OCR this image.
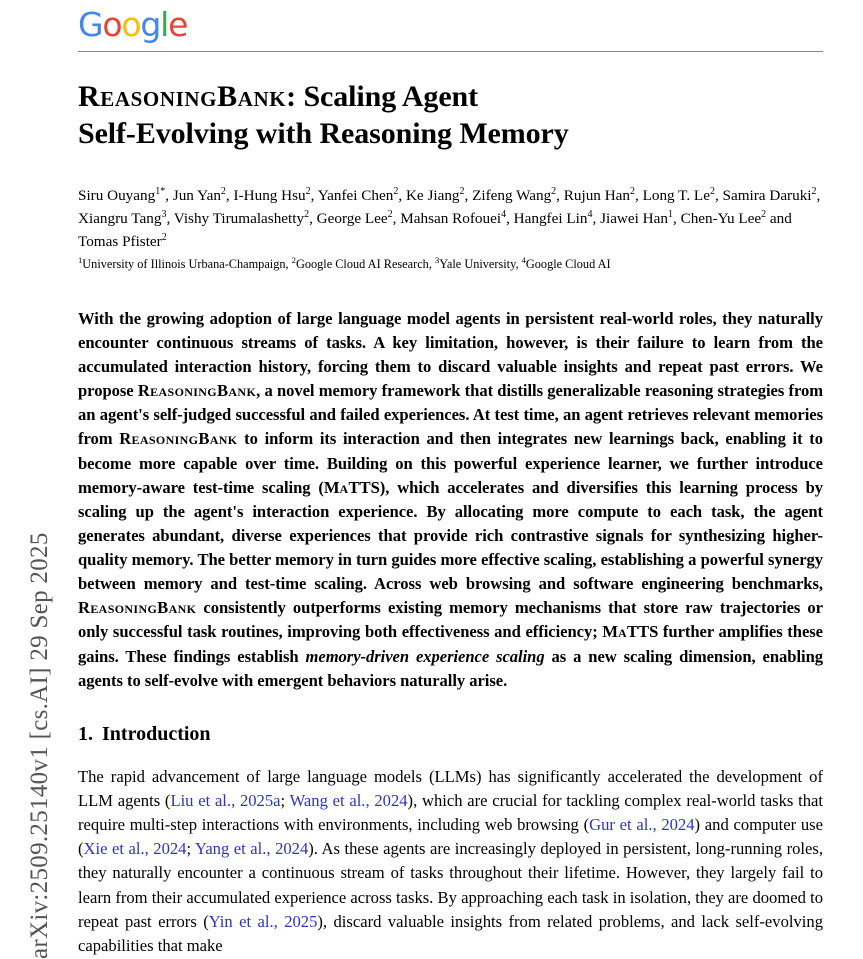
arXiv:2509.25140v1 [cs.AI] 29 Sep 2025
Google
ReasoningBank: Scaling Agent
Self-Evolving with Reasoning Memory
Siru Ouyang$^{1*}$, Jun Yan$^2$, I-Hung Hsu$^2$, Yanfei Chen$^2$, Ke Jiang$^2$, Zifeng Wang$^2$, Rujun Han$^2$, Long T. Le$^2$, Samira Daruki$^2$, Xiangru Tang$^3$, Vishy Tirumalashetty$^2$, George Lee$^2$, Mahsan Rofouei$^4$, Hangfei Lin$^4$, Jiawei Han$^1$, Chen-Yu Lee$^2$ and Tomas Pfister$^2$
$^1$University of Illinois Urbana-Champaign, $^2$Google Cloud AI Research, $^3$Yale University, $^4$Google Cloud AI
With the growing adoption of large language model agents in persistent real-world roles, they naturally encounter continuous streams of tasks. A key limitation, however, is their failure to learn from the accumulated interaction history, forcing them to discard valuable insights and repeat past errors. We propose ReasoningBank, a novel memory framework that distills generalizable reasoning strategies from an agent's self-judged successful and failed experiences. At test time, an agent retrieves relevant memories from ReasoningBank to inform its interaction and then integrates new learnings back, enabling it to become more capable over time. Building on this powerful experience learner, we further introduce memory-aware test-time scaling (MaTTS), which accelerates and diversifies this learning process by scaling up the agent's interaction experience. By allocating more compute to each task, the agent generates abundant, diverse experiences that provide rich contrastive signals for synthesizing higher-quality memory. The better memory in turn guides more effective scaling, establishing a powerful synergy between memory and test-time scaling. Across web browsing and software engineering benchmarks, ReasoningBank consistently outperforms existing memory mechanisms that store raw trajectories or only successful task routines, improving both effectiveness and efficiency; MaTTS further amplifies these gains. These findings establish memory-driven experience scaling as a new scaling dimension, enabling agents to self-evolve with emergent behaviors naturally arise.
1. Introduction
The rapid advancement of large language models (LLMs) has significantly accelerated the development of LLM agents (Liu et al., 2025a; Wang et al., 2024), which are crucial for tackling complex real-world tasks that require multi-step interactions with environments, including web browsing (Gur et al., 2024) and computer use (Xie et al., 2024; Yang et al., 2024). As these agents are increasingly deployed in persistent, long-running roles, they naturally encounter a continuous stream of tasks throughout their lifetime. However, they largely fail to learn from their accumulated experience across tasks. By approaching each task in isolation, they are doomed to repeat past errors (Yin et al., 2025), discard valuable insights from related problems, and lack self-evolving capabilities that make
